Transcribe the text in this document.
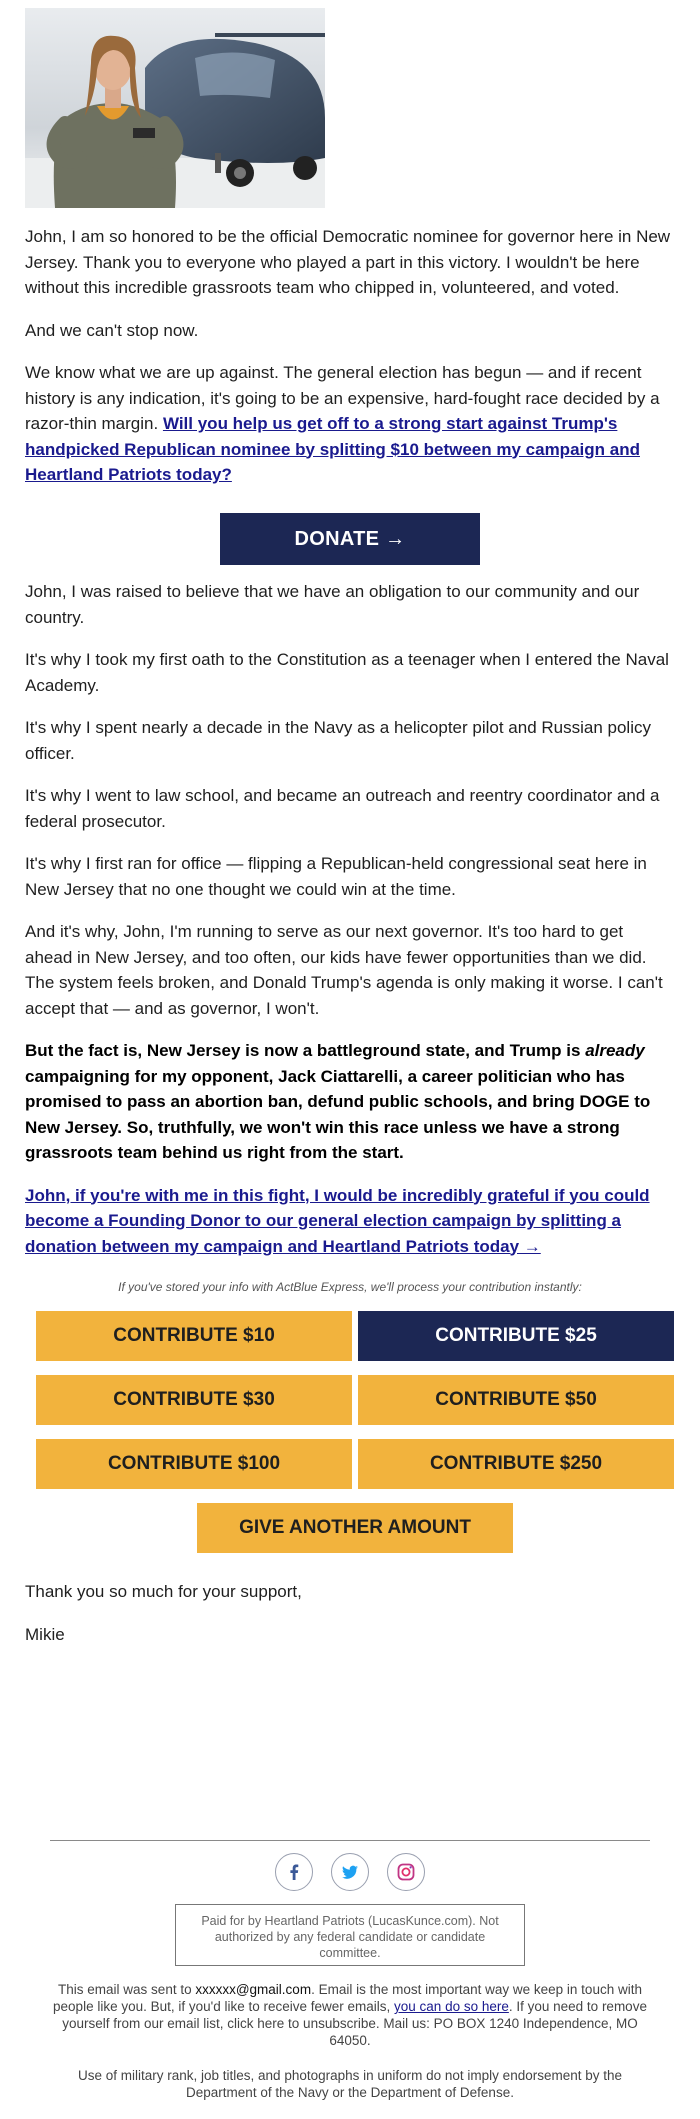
John, I am so honored to be the official Democratic nominee for governor here in New Jersey. Thank you to everyone who played a part in this victory. I wouldn't be here without this incredible grassroots team who chipped in, volunteered, and voted.

And we can't stop now.

We know what we are up against. The general election has begun — and if recent history is any indication, it's going to be an expensive, hard-fought race decided by a razor-thin margin. Will you help us get off to a strong start against Trump's handpicked Republican nominee by splitting $10 between my campaign and Heartland Patriots today?

DONATE →

John, I was raised to believe that we have an obligation to our community and our country.

It's why I took my first oath to the Constitution as a teenager when I entered the Naval Academy.

It's why I spent nearly a decade in the Navy as a helicopter pilot and Russian policy officer.

It's why I went to law school, and became an outreach and reentry coordinator and a federal prosecutor.

It's why I first ran for office — flipping a Republican-held congressional seat here in New Jersey that no one thought we could win at the time.

And it's why, John, I'm running to serve as our next governor. It's too hard to get ahead in New Jersey, and too often, our kids have fewer opportunities than we did. The system feels broken, and Donald Trump's agenda is only making it worse. I can't accept that — and as governor, I won't.

But the fact is, New Jersey is now a battleground state, and Trump is already campaigning for my opponent, Jack Ciattarelli, a career politician who has promised to pass an abortion ban, defund public schools, and bring DOGE to New Jersey. So, truthfully, we won't win this race unless we have a strong grassroots team behind us right from the start.

John, if you're with me in this fight, I would be incredibly grateful if you could become a Founding Donor to our general election campaign by splitting a donation between my campaign and Heartland Patriots today →

If you've stored your info with ActBlue Express, we'll process your contribution instantly:
CONTRIBUTE $10	CONTRIBUTE $25
CONTRIBUTE $30	CONTRIBUTE $50
CONTRIBUTE $100	CONTRIBUTE $250
GIVE ANOTHER AMOUNT

Thank you so much for your support,

Mikie

Paid for by Heartland Patriots (LucasKunce.com). Not authorized by any federal candidate or candidate committee.
This email was sent to xxxxxx@gmail.com. Email is the most important way we keep in touch with people like you. But, if you'd like to receive fewer emails, you can do so here. If you need to remove yourself from our email list, click here to unsubscribe. Mail us: PO BOX 1240 Independence, MO 64050.
Use of military rank, job titles, and photographs in uniform do not imply endorsement by the Department of the Navy or the Department of Defense.
